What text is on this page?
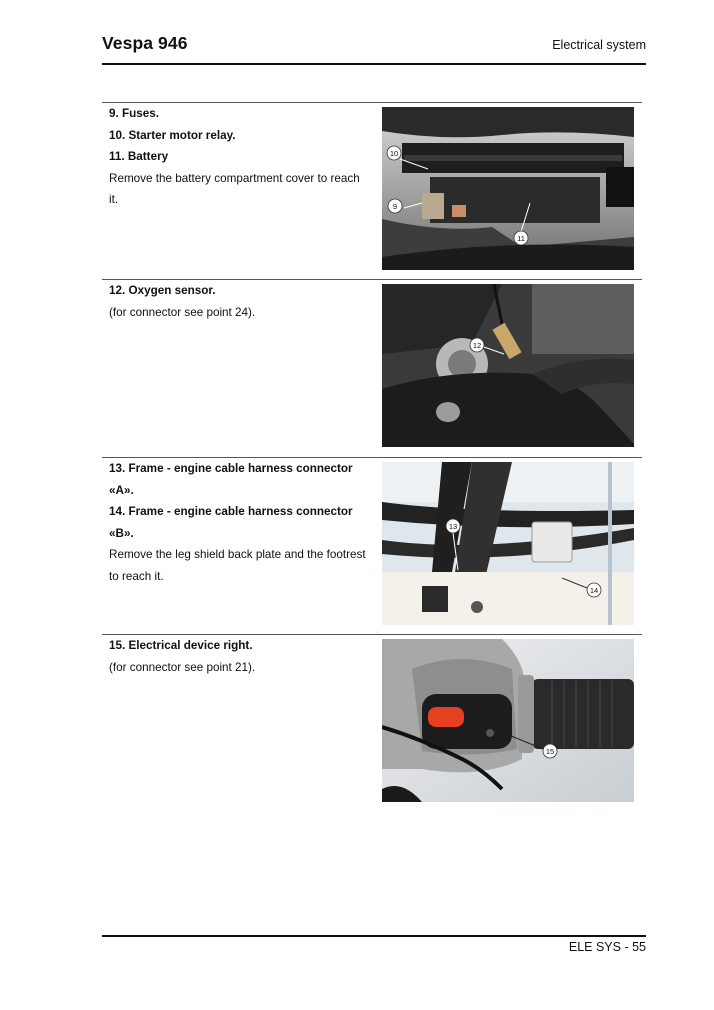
Vespa 946	Electrical system
9. Fuses.
10. Starter motor relay.
11. Battery
Remove the battery compartment cover to reach
it.
10
9
11
12. Oxygen sensor.
(for connector see point 24).
12
13. Frame - engine cable harness connector
«A».
14. Frame - engine cable harness connector
«B».
Remove the leg shield back plate and the footrest
to reach it.
13
14
15. Electrical device right.
(for connector see point 21).
15
ELE SYS - 55
